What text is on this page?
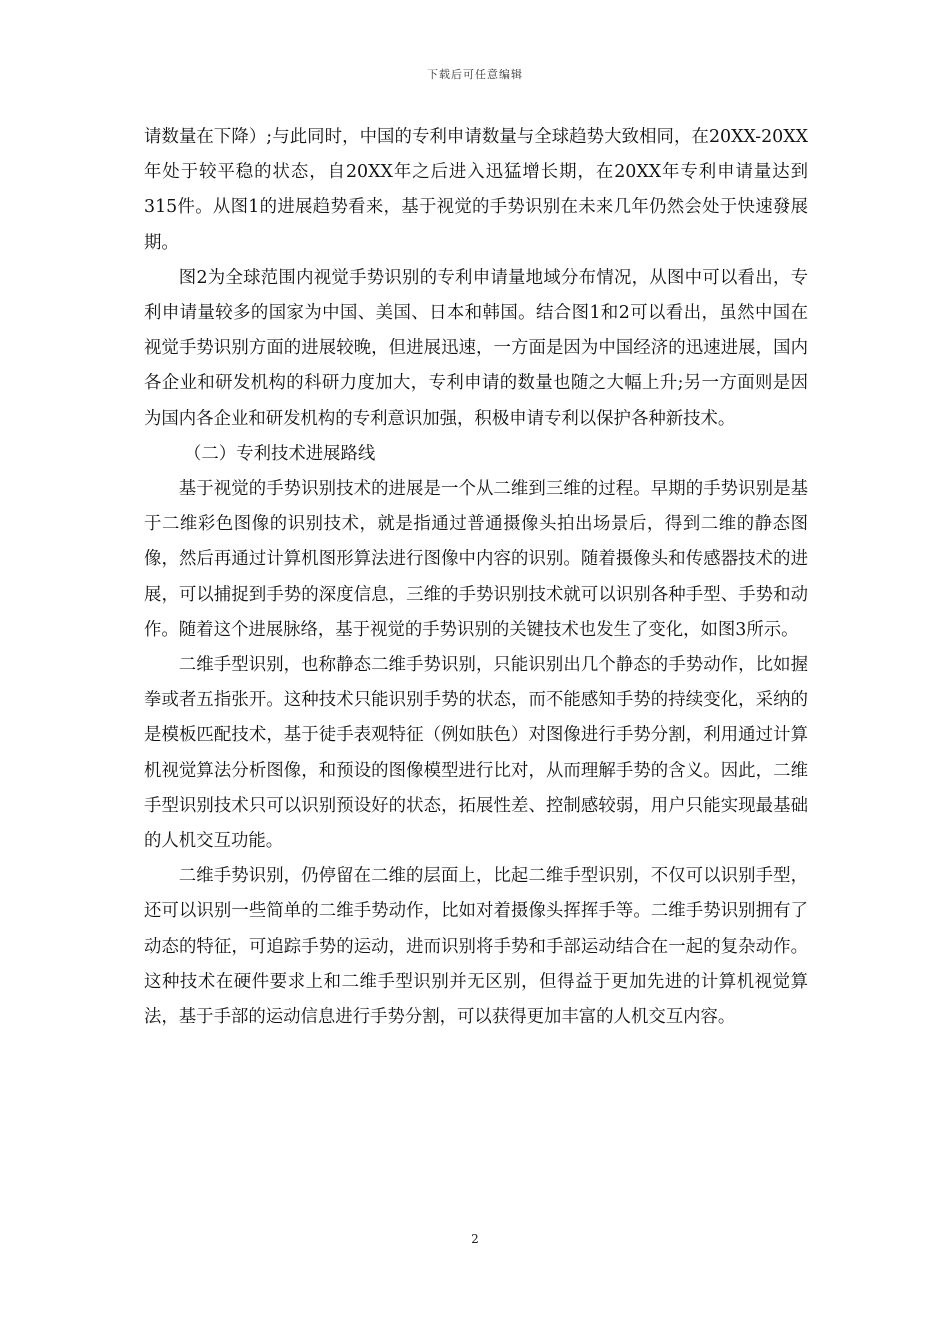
下载后可任意编辑

请数量在下降）;与此同时，中国的专利申请数量与全球趋势大致相同，在20XX-20XX年处于较平稳的状态，自20XX年之后进入迅猛增长期，在20XX年专利申请量达到315件。从图1的进展趋势看来，基于视觉的手势识别在未来几年仍然会处于快速發展期。

图2为全球范围内视觉手势识别的专利申请量地域分布情况，从图中可以看出，专利申请量较多的国家为中国、美国、日本和韩国。结合图1和2可以看出，虽然中国在视觉手势识别方面的进展较晚，但进展迅速，一方面是因为中国经济的迅速进展，国内各企业和研发机构的科研力度加大，专利申请的数量也随之大幅上升;另一方面则是因为国内各企业和研发机构的专利意识加强，积极申请专利以保护各种新技术。

（二）专利技术进展路线

基于视觉的手势识别技术的进展是一个从二维到三维的过程。早期的手势识别是基于二维彩色图像的识别技术，就是指通过普通摄像头拍出场景后，得到二维的静态图像，然后再通过计算机图形算法进行图像中内容的识别。随着摄像头和传感器技术的进展，可以捕捉到手势的深度信息，三维的手势识别技术就可以识别各种手型、手势和动作。随着这个进展脉络，基于视觉的手势识别的关键技术也发生了变化，如图3所示。

二维手型识别，也称静态二维手势识别，只能识别出几个静态的手势动作，比如握拳或者五指张开。这种技术只能识别手势的状态，而不能感知手势的持续变化，采纳的是模板匹配技术，基于徒手表观特征（例如肤色）对图像进行手势分割，利用通过计算机视觉算法分析图像，和预设的图像模型进行比对，从而理解手势的含义。因此，二维手型识别技术只可以识别预设好的状态，拓展性差、控制感较弱，用户只能实现最基础的人机交互功能。

二维手势识别，仍停留在二维的层面上，比起二维手型识别，不仅可以识别手型，还可以识别一些简单的二维手势动作，比如对着摄像头挥挥手等。二维手势识别拥有了动态的特征，可追踪手势的运动，进而识别将手势和手部运动结合在一起的复杂动作。这种技术在硬件要求上和二维手型识别并无区别，但得益于更加先进的计算机视觉算法，基于手部的运动信息进行手势分割，可以获得更加丰富的人机交互内容。

2
